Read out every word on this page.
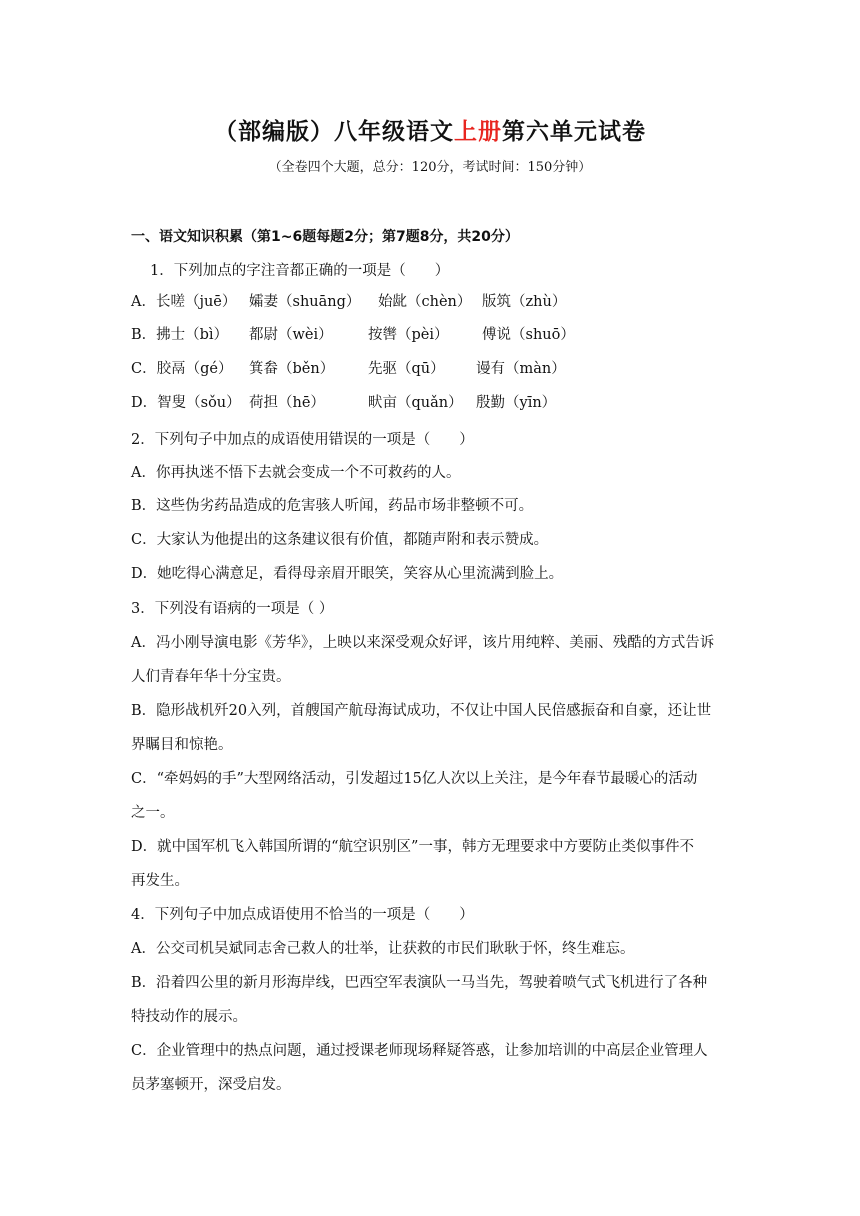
（部编版）八年级语文上册第六单元试卷

（全卷四个大题，总分：120分，考试时间：150分钟）

一、语文知识积累（第1~6题每题2分；第7题8分，共20分）

1．下列加点的字注音都正确的一项是（　　）

A．长嗟（juē） 孀妻（shuāng） 始龀（chèn） 版筑（zhù）

B．拂士（bì） 都尉（wèi） 按辔（pèi） 傅说（shuō）

C．胶鬲（gé） 箕畚（běn） 先驱（qū） 谩有（màn）

D．智叟（sǒu） 荷担（hē）	畎亩（quǎn） 殷勤（yīn）

2．下列句子中加点的成语使用错误的一项是（　　）

A．你再执迷不悟下去就会变成一个不可救药的人。

B．这些伪劣药品造成的危害骇人听闻，药品市场非整顿不可。

C．大家认为他提出的这条建议很有价值，都随声附和表示赞成。

D．她吃得心满意足，看得母亲眉开眼笑，笑容从心里流满到脸上。

3．下列没有语病的一项是（ ）

A．冯小刚导演电影《芳华》，上映以来深受观众好评，该片用纯粹、美丽、残酷的方式告诉

人们青春年华十分宝贵。

B．隐形战机歼20入列，首艘国产航母海试成功，不仅让中国人民倍感振奋和自豪，还让世

界瞩目和惊艳。

C．“牵妈妈的手”大型网络活动，引发超过15亿人次以上关注，是今年春节最暖心的活动

之一。

D．就中国军机飞入韩国所谓的“航空识别区”一事，韩方无理要求中方要防止类似事件不

再发生。

4．下列句子中加点成语使用不恰当的一项是（　　）

A．公交司机吴斌同志舍己救人的壮举，让获救的市民们耿耿于怀，终生难忘。

B．沿着四公里的新月形海岸线，巴西空军表演队一马当先，驾驶着喷气式飞机进行了各种

特技动作的展示。

C．企业管理中的热点问题，通过授课老师现场释疑答惑，让参加培训的中高层企业管理人

员茅塞顿开，深受启发。
